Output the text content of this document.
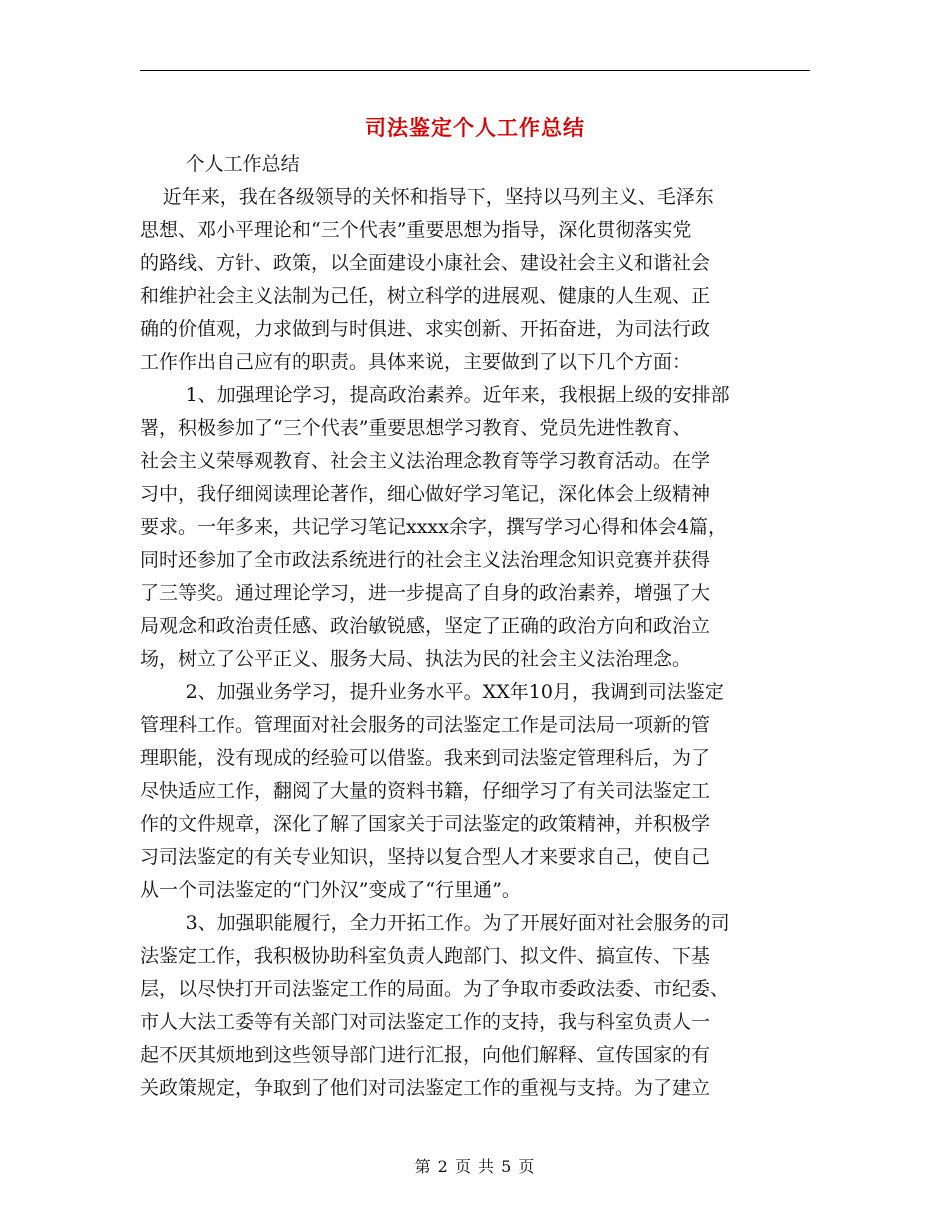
司法鉴定个人工作总结
个人工作总结
近年来，我在各级领导的关怀和指导下，坚持以马列主义、毛泽东
思想、邓小平理论和“三个代表”重要思想为指导，深化贯彻落实党
的路线、方针、政策，以全面建设小康社会、建设社会主义和谐社会
和维护社会主义法制为己任，树立科学的进展观、健康的人生观、正
确的价值观，力求做到与时俱进、求实创新、开拓奋进，为司法行政
工作作出自己应有的职责。具体来说，主要做到了以下几个方面：
1、加强理论学习，提高政治素养。近年来，我根据上级的安排部
署，积极参加了“三个代表”重要思想学习教育、党员先进性教育、
社会主义荣辱观教育、社会主义法治理念教育等学习教育活动。在学
习中，我仔细阅读理论著作，细心做好学习笔记，深化体会上级精神
要求。一年多来，共记学习笔记xxxx余字，撰写学习心得和体会4篇，
同时还参加了全市政法系统进行的社会主义法治理念知识竞赛并获得
了三等奖。通过理论学习，进一步提高了自身的政治素养，增强了大
局观念和政治责任感、政治敏锐感，坚定了正确的政治方向和政治立
场，树立了公平正义、服务大局、执法为民的社会主义法治理念。
2、加强业务学习，提升业务水平。XX年10月，我调到司法鉴定
管理科工作。管理面对社会服务的司法鉴定工作是司法局一项新的管
理职能，没有现成的经验可以借鉴。我来到司法鉴定管理科后，为了
尽快适应工作，翻阅了大量的资料书籍，仔细学习了有关司法鉴定工
作的文件规章，深化了解了国家关于司法鉴定的政策精神，并积极学
习司法鉴定的有关专业知识，坚持以复合型人才来要求自己，使自己
从一个司法鉴定的“门外汉”变成了“行里通”。
3、加强职能履行，全力开拓工作。为了开展好面对社会服务的司
法鉴定工作，我积极协助科室负责人跑部门、拟文件、搞宣传、下基
层，以尽快打开司法鉴定工作的局面。为了争取市委政法委、市纪委、
市人大法工委等有关部门对司法鉴定工作的支持，我与科室负责人一
起不厌其烦地到这些领导部门进行汇报，向他们解释、宣传国家的有
关政策规定，争取到了他们对司法鉴定工作的重视与支持。为了建立
第 2 页 共 5 页
